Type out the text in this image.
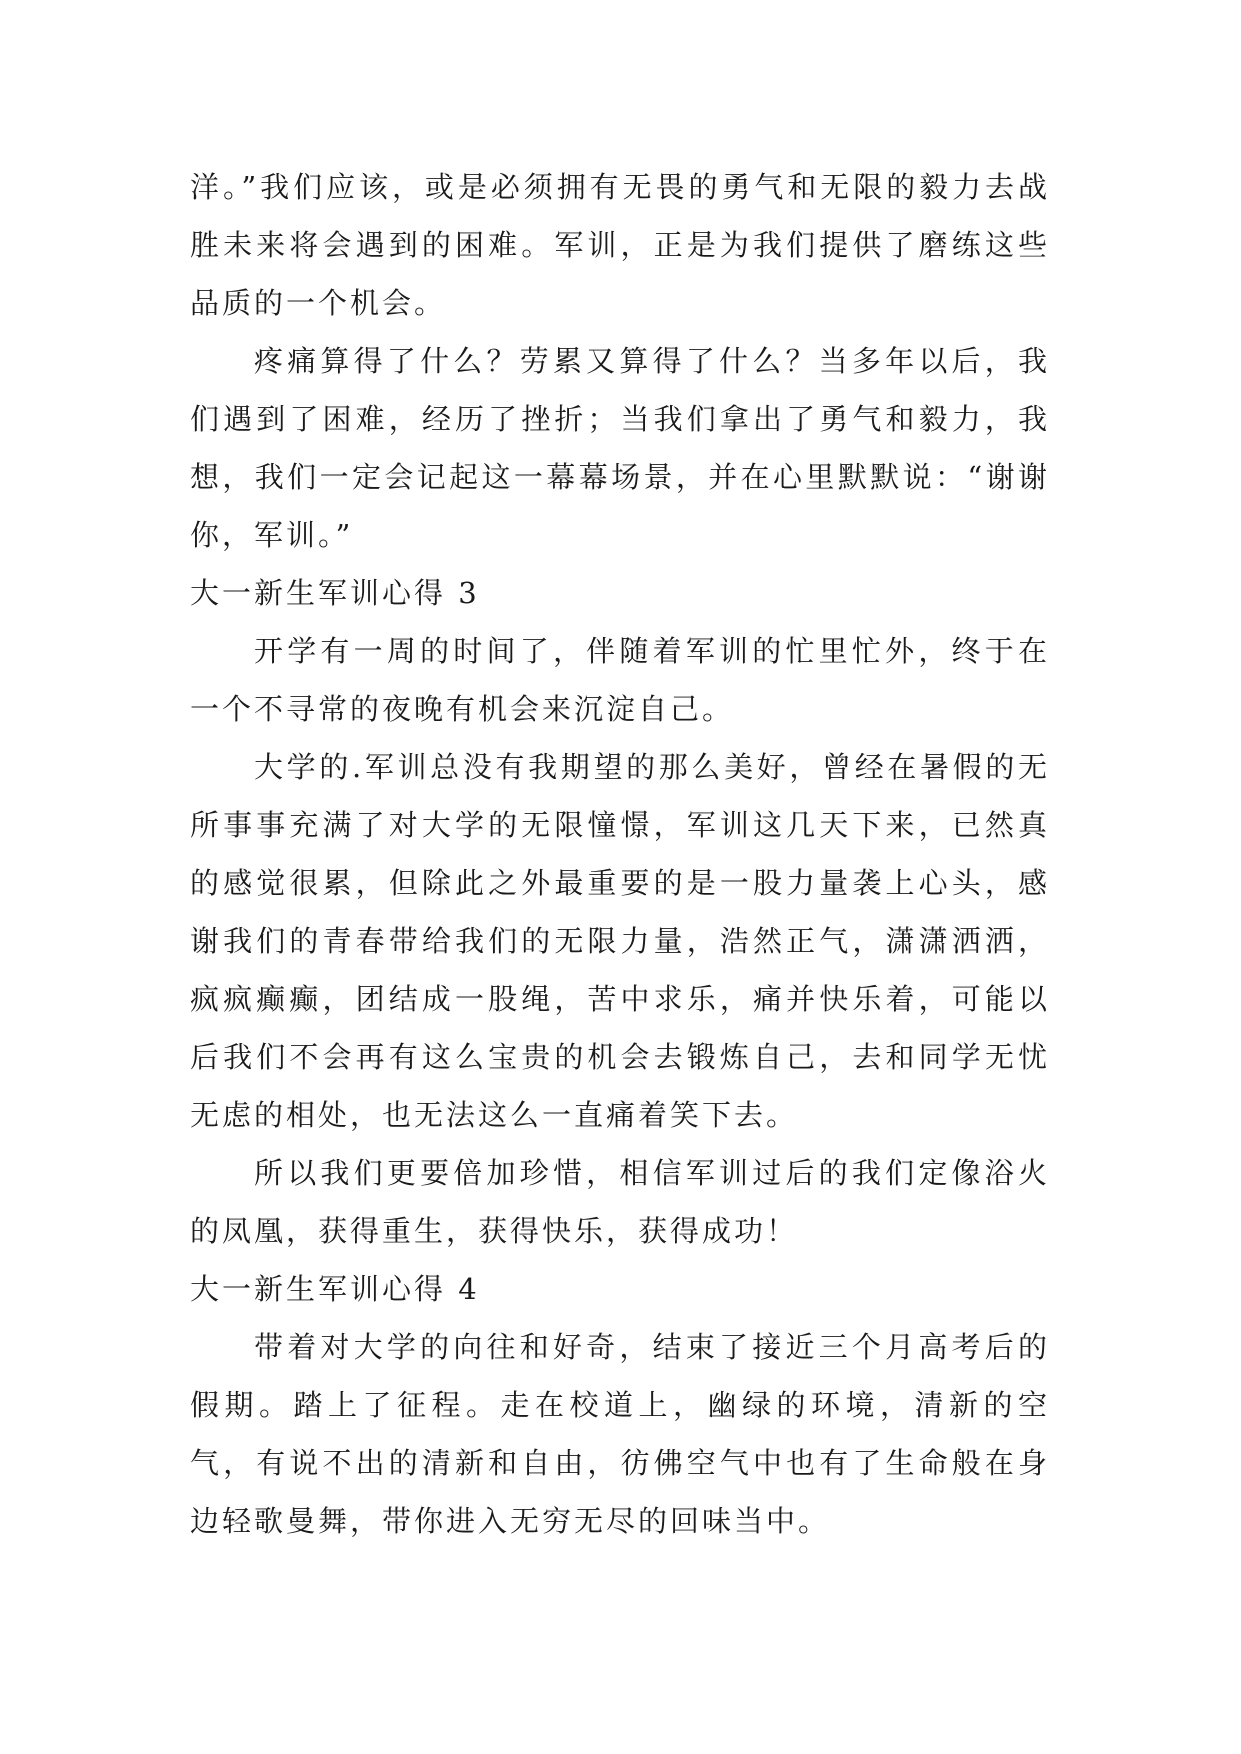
洋。”我们应该，或是必须拥有无畏的勇气和无限的毅力去战胜未来将会遇到的困难。军训，正是为我们提供了磨练这些品质的一个机会。

疼痛算得了什么？劳累又算得了什么？当多年以后，我们遇到了困难，经历了挫折；当我们拿出了勇气和毅力，我想，我们一定会记起这一幕幕场景，并在心里默默说：“谢谢你，军训。”

大一新生军训心得 3

开学有一周的时间了，伴随着军训的忙里忙外，终于在一个不寻常的夜晚有机会来沉淀自己。

大学的.军训总没有我期望的那么美好，曾经在暑假的无所事事充满了对大学的无限憧憬，军训这几天下来，已然真的感觉很累，但除此之外最重要的是一股力量袭上心头，感谢我们的青春带给我们的无限力量，浩然正气，潇潇洒洒，疯疯癫癫，团结成一股绳，苦中求乐，痛并快乐着，可能以后我们不会再有这么宝贵的机会去锻炼自己，去和同学无忧无虑的相处，也无法这么一直痛着笑下去。

所以我们更要倍加珍惜，相信军训过后的我们定像浴火的凤凰，获得重生，获得快乐，获得成功！

大一新生军训心得 4

带着对大学的向往和好奇，结束了接近三个月高考后的假期。踏上了征程。走在校道上，幽绿的环境，清新的空气，有说不出的清新和自由，彷佛空气中也有了生命般在身边轻歌曼舞，带你进入无穷无尽的回味当中。
